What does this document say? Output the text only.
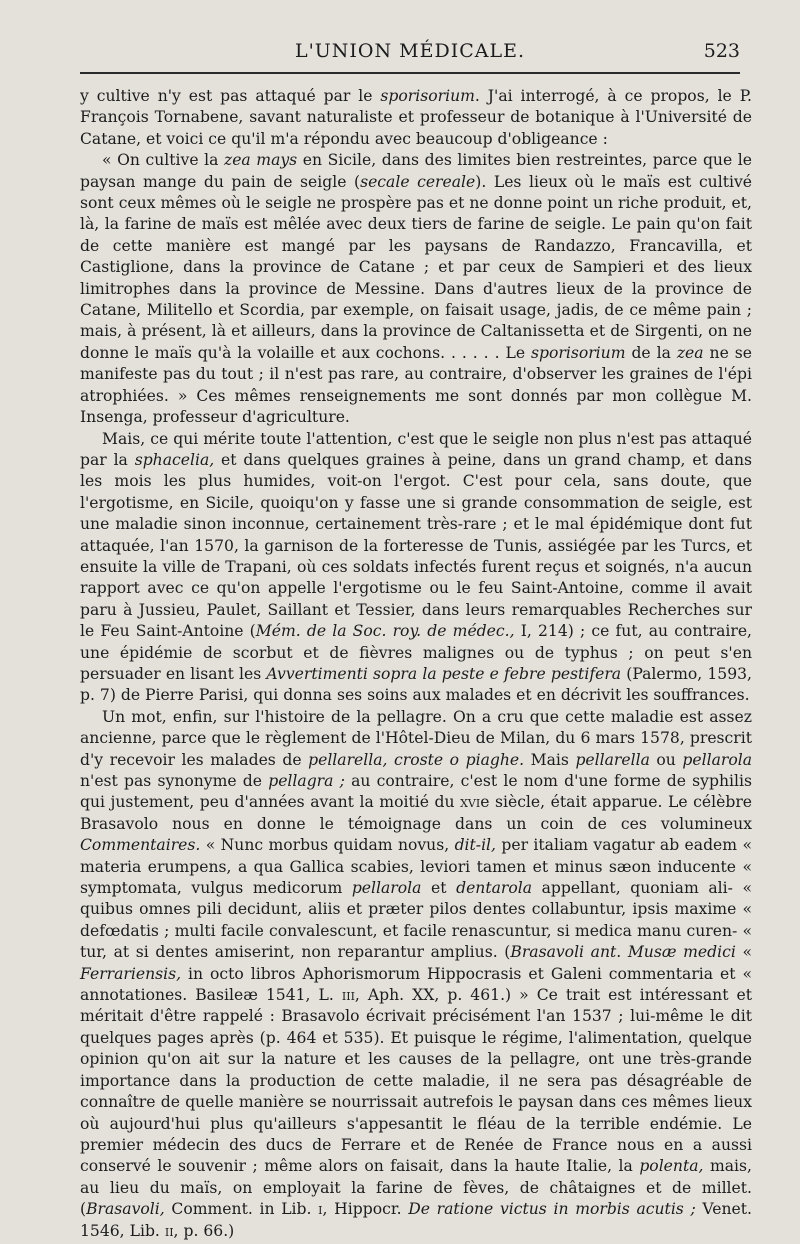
L'UNION MÉDICALE.	523

y cultive n'y est pas attaqué par le sporisorium. J'ai interrogé, à ce propos, le P. François Tornabene, savant naturaliste et professeur de botanique à l'Université de Catane, et voici ce qu'il m'a répondu avec beaucoup d'obligeance :

« On cultive la zea mays en Sicile, dans des limites bien restreintes, parce que le paysan mange du pain de seigle (secale cereale). Les lieux où le maïs est cultivé sont ceux mêmes où le seigle ne prospère pas et ne donne point un riche produit, et, là, la farine de maïs est mêlée avec deux tiers de farine de seigle. Le pain qu'on fait de cette manière est mangé par les paysans de Randazzo, Francavilla, et Castiglione, dans la province de Catane ; et par ceux de Sampieri et des lieux limitrophes dans la province de Messine. Dans d'autres lieux de la province de Catane, Militello et Scordia, par exemple, on faisait usage, jadis, de ce même pain ; mais, à présent, là et ailleurs, dans la province de Caltanissetta et de Sirgenti, on ne donne le maïs qu'à la volaille et aux cochons. . . . . . Le sporisorium de la zea ne se manifeste pas du tout ; il n'est pas rare, au contraire, d'observer les graines de l'épi atrophiées. » Ces mêmes renseignements me sont donnés par mon collègue M. Insenga, professeur d'agriculture.

Mais, ce qui mérite toute l'attention, c'est que le seigle non plus n'est pas attaqué par la sphacelia, et dans quelques graines à peine, dans un grand champ, et dans les mois les plus humides, voit-on l'ergot. C'est pour cela, sans doute, que l'ergotisme, en Sicile, quoiqu'on y fasse une si grande consommation de seigle, est une maladie sinon inconnue, certainement très-rare ; et le mal épidémique dont fut attaquée, l'an 1570, la garnison de la forteresse de Tunis, assiégée par les Turcs, et ensuite la ville de Trapani, où ces soldats infectés furent reçus et soignés, n'a aucun rapport avec ce qu'on appelle l'ergotisme ou le feu Saint-Antoine, comme il avait paru à Jussieu, Paulet, Saillant et Tessier, dans leurs remarquables Recherches sur le Feu Saint-Antoine (Mém. de la Soc. roy. de médec., I, 214) ; ce fut, au contraire, une épidémie de scorbut et de fièvres malignes ou de typhus ; on peut s'en persuader en lisant les Avvertimenti sopra la peste e febre pestifera (Palermo, 1593, p. 7) de Pierre Parisi, qui donna ses soins aux malades et en décrivit les souffrances.

Un mot, enfin, sur l'histoire de la pellagre. On a cru que cette maladie est assez ancienne, parce que le règlement de l'Hôtel-Dieu de Milan, du 6 mars 1578, prescrit d'y recevoir les malades de pellarella, croste o piaghe. Mais pellarella ou pellarola n'est pas synonyme de pellagra ; au contraire, c'est le nom d'une forme de syphilis qui justement, peu d'années avant la moitié du xvie siècle, était apparue. Le célèbre Brasavolo nous en donne le témoignage dans un coin de ces volumineux Commentaires. « Nunc morbus quidam novus, dit-il, per italiam vagatur ab eadem « materia erumpens, a qua Gallica scabies, leviori tamen et minus sæon inducente « symptomata, vulgus medicorum pellarola et dentarola appellant, quoniam ali- « quibus omnes pili decidunt, aliis et præter pilos dentes collabuntur, ipsis maxime « defœdatis ; multi facile convalescunt, et facile renascuntur, si medica manu curen- « tur, at si dentes amiserint, non reparantur amplius. (Brasavoli ant. Musæ medici « Ferrariensis, in octo libros Aphorismorum Hippocrasis et Galeni commentaria et « annotationes. Basileæ 1541, L. iii, Aph. XX, p. 461.) » Ce trait est intéressant et méritait d'être rappelé : Brasavolo écrivait précisément l'an 1537 ; lui-même le dit quelques pages après (p. 464 et 535). Et puisque le régime, l'alimentation, quelque opinion qu'on ait sur la nature et les causes de la pellagre, ont une très-grande importance dans la production de cette maladie, il ne sera pas désagréable de connaître de quelle manière se nourrissait autrefois le paysan dans ces mêmes lieux où aujourd'hui plus qu'ailleurs s'appesantit le fléau de la terrible endémie. Le premier médecin des ducs de Ferrare et de Renée de France nous en a aussi conservé le souvenir ; même alors on faisait, dans la haute Italie, la polenta, mais, au lieu du maïs, on employait la farine de fèves, de châtaignes et de millet. (Brasavoli, Comment. in Lib. i, Hippocr. De ratione victus in morbis acutis ; Venet. 1546, Lib. ii, p. 66.)
